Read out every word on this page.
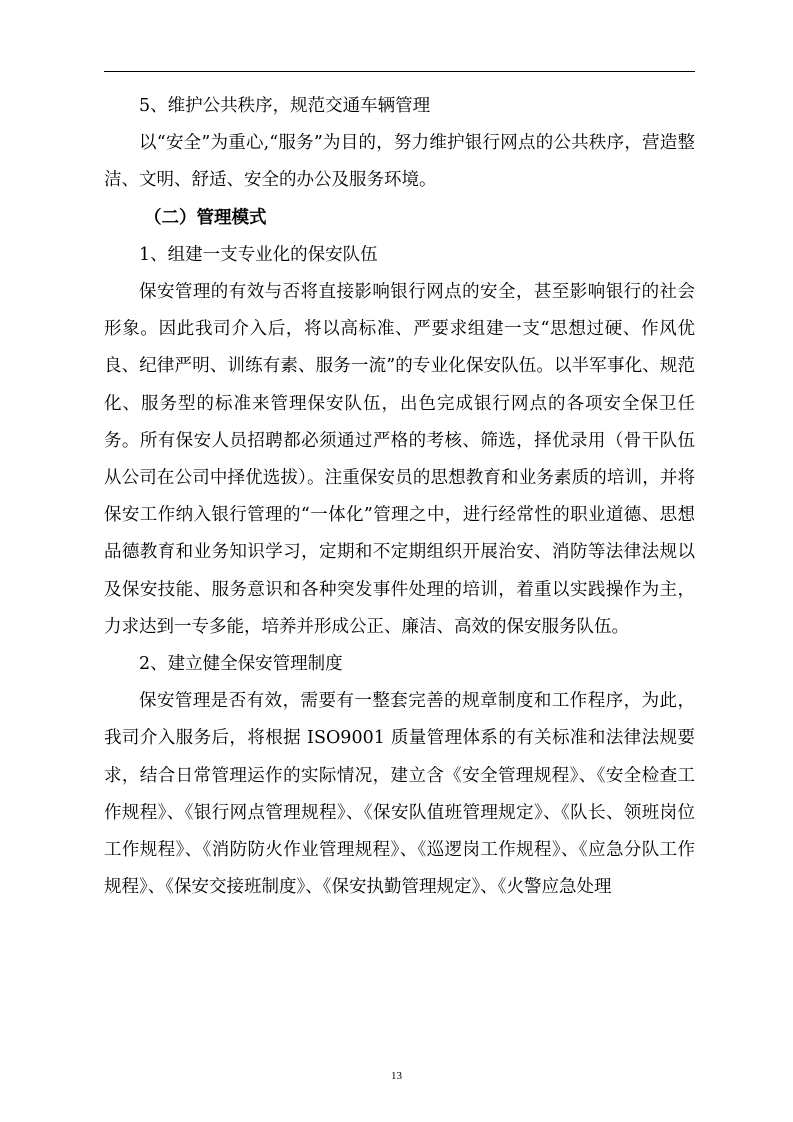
5、维护公共秩序，规范交通车辆管理

以“安全”为重心,“服务”为目的，努力维护银行网点的公共秩序，营造整洁、文明、舒适、安全的办公及服务环境。

（二）管理模式

1、组建一支专业化的保安队伍

保安管理的有效与否将直接影响银行网点的安全，甚至影响银行的社会形象。因此我司介入后，将以高标准、严要求组建一支“思想过硬、作风优良、纪律严明、训练有素、服务一流”的专业化保安队伍。以半军事化、规范化、服务型的标准来管理保安队伍，出色完成银行网点的各项安全保卫任务。所有保安人员招聘都必须通过严格的考核、筛选，择优录用（骨干队伍从公司在公司中择优选拔）。注重保安员的思想教育和业务素质的培训，并将保安工作纳入银行管理的“一体化”管理之中，进行经常性的职业道德、思想品德教育和业务知识学习，定期和不定期组织开展治安、消防等法律法规以及保安技能、服务意识和各种突发事件处理的培训，着重以实践操作为主，力求达到一专多能，培养并形成公正、廉洁、高效的保安服务队伍。

2、建立健全保安管理制度

保安管理是否有效，需要有一整套完善的规章制度和工作程序，为此，我司介入服务后，将根据 ISO9001 质量管理体系的有关标准和法律法规要求，结合日常管理运作的实际情况，建立含《安全管理规程》、《安全检查工作规程》、《银行网点管理规程》、《保安队值班管理规定》、《队长、领班岗位工作规程》、《消防防火作业管理规程》、《巡逻岗工作规程》、《应急分队工作规程》、《保安交接班制度》、《保安执勤管理规定》、《火警应急处理

13
